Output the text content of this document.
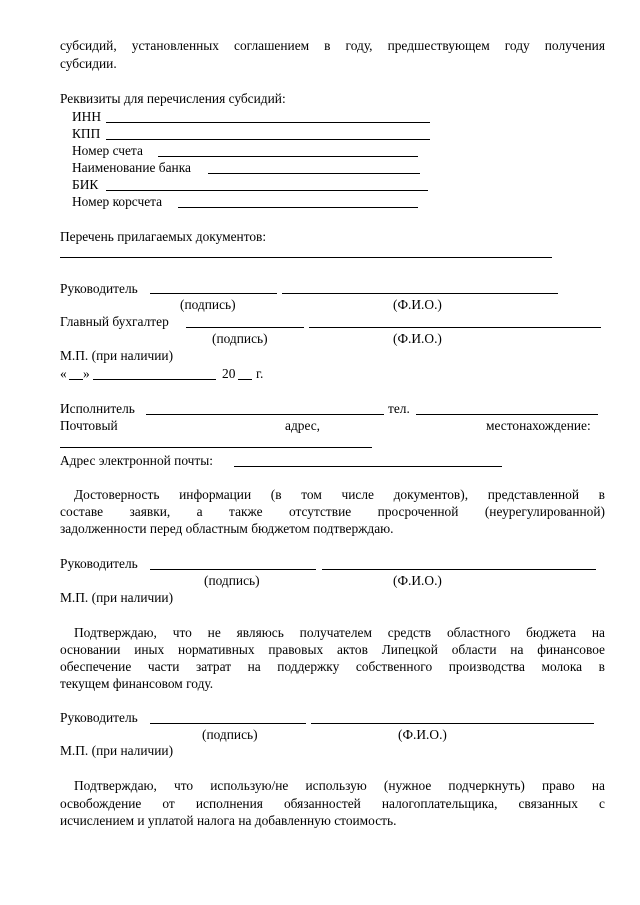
субсидий, установленных соглашением в году, предшествующем году получения
субсидии.
Реквизиты для перечисления субсидий:
ИНН
КПП
Номер счета
Наименование банка
БИК
Номер корсчета
Перечень прилагаемых документов:
Руководитель
(подпись)	(Ф.И.О.)
Главный бухгалтер
(подпись)	(Ф.И.О.)
М.П. (при наличии)
« »	20 г.
Исполнитель	тел.
Почтовый	адрес,	местонахождение:
Адрес электронной почты:
Достоверность информации (в том числе документов), представленной в
составе заявки, а также отсутствие просроченной (неурегулированной)
задолженности перед областным бюджетом подтверждаю.
Руководитель
(подпись)	(Ф.И.О.)
М.П. (при наличии)
Подтверждаю, что не являюсь получателем средств областного бюджета на
основании иных нормативных правовых актов Липецкой области на финансовое
обеспечение части затрат на поддержку собственного производства молока в
текущем финансовом году.
Руководитель
(подпись)	(Ф.И.О.)
М.П. (при наличии)
Подтверждаю, что использую/не использую (нужное подчеркнуть) право на
освобождение от исполнения обязанностей налогоплательщика, связанных с
исчислением и уплатой налога на добавленную стоимость.
